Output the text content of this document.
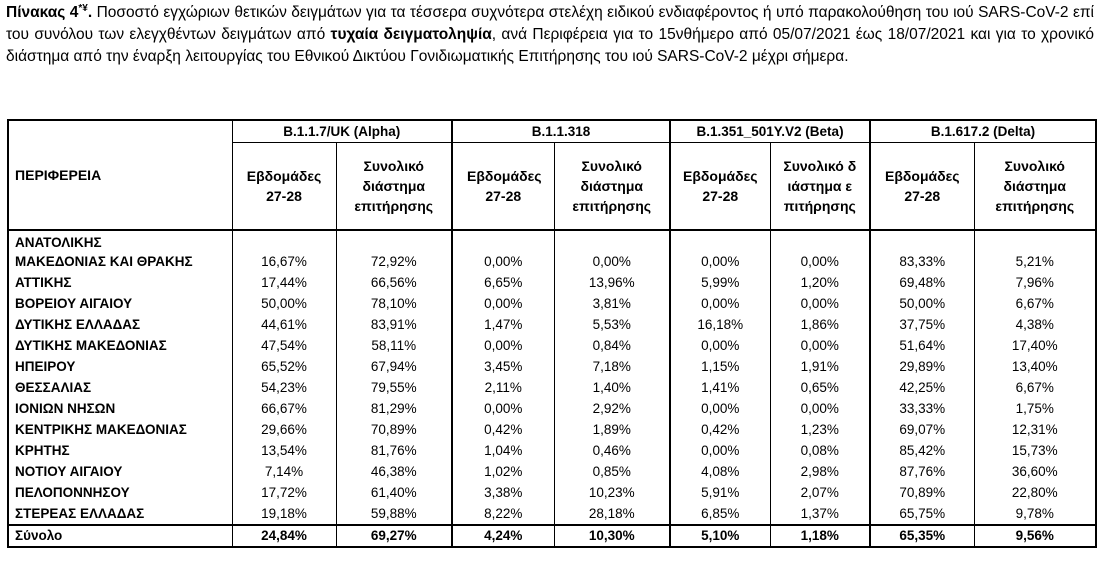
Πίνακας 4*¥. Ποσοστό εγχώριων θετικών δειγμάτων για τα τέσσερα συχνότερα στελέχη ειδικού ενδιαφέροντος ή υπό παρακολούθηση του ιού SARS-CoV-2 επί του συνόλου των ελεγχθέντων δειγμάτων από τυχαία δειγματοληψία, ανά Περιφέρεια για το 15νθήμερο από 05/07/2021 έως 18/07/2021 και για το χρονικό διάστημα από την έναρξη λειτουργίας του Εθνικού Δικτύου Γονιδιωματικής Επιτήρησης του ιού SARS-CoV-2 μέχρι σήμερα.
ΠΕΡΙΦΕΡΕΙΑ	B.1.1.7/UK (Alpha)		B.1.1.318		B.1.351_501Y.V2 (Beta)		B.1.617.2 (Delta)	
	Εβδομάδες 27-28	Συνολικό διάστημα επιτήρησης	Εβδομάδες 27-28	Συνολικό διάστημα επιτήρησης	Εβδομάδες 27-28	Συνολικό διάστημα επιτήρησης	Εβδομάδες 27-28	Συνολικό διάστημα επιτήρησης
ΑΝΑΤΟΛΙΚΗΣ
ΜΑΚΕΔΟΝΙΑΣ ΚΑΙ ΘΡΑΚΗΣ	16,67%	72,92%	0,00%	0,00%	0,00%	0,00%	83,33%	5,21%
ΑΤΤΙΚΗΣ	17,44%	66,56%	6,65%	13,96%	5,99%	1,20%	69,48%	7,96%
ΒΟΡΕΙΟΥ ΑΙΓΑΙΟΥ	50,00%	78,10%	0,00%	3,81%	0,00%	0,00%	50,00%	6,67%
ΔΥΤΙΚΗΣ ΕΛΛΑΔΑΣ	44,61%	83,91%	1,47%	5,53%	16,18%	1,86%	37,75%	4,38%
ΔΥΤΙΚΗΣ ΜΑΚΕΔΟΝΙΑΣ	47,54%	58,11%	0,00%	0,84%	0,00%	0,00%	51,64%	17,40%
ΗΠΕΙΡΟΥ	65,52%	67,94%	3,45%	7,18%	1,15%	1,91%	29,89%	13,40%
ΘΕΣΣΑΛΙΑΣ	54,23%	79,55%	2,11%	1,40%	1,41%	0,65%	42,25%	6,67%
ΙΟΝΙΩΝ ΝΗΣΩΝ	66,67%	81,29%	0,00%	2,92%	0,00%	0,00%	33,33%	1,75%
ΚΕΝΤΡΙΚΗΣ ΜΑΚΕΔΟΝΙΑΣ	29,66%	70,89%	0,42%	1,89%	0,42%	1,23%	69,07%	12,31%
ΚΡΗΤΗΣ	13,54%	81,76%	1,04%	0,46%	0,00%	0,08%	85,42%	15,73%
ΝΟΤΙΟΥ ΑΙΓΑΙΟΥ	7,14%	46,38%	1,02%	0,85%	4,08%	2,98%	87,76%	36,60%
ΠΕΛΟΠΟΝΝΗΣΟΥ	17,72%	61,40%	3,38%	10,23%	5,91%	2,07%	70,89%	22,80%
ΣΤΕΡΕΑΣ ΕΛΛΑΔΑΣ	19,18%	59,88%	8,22%	28,18%	6,85%	1,37%	65,75%	9,78%
Σύνολο	24,84%	69,27%	4,24%	10,30%	5,10%	1,18%	65,35%	9,56%
